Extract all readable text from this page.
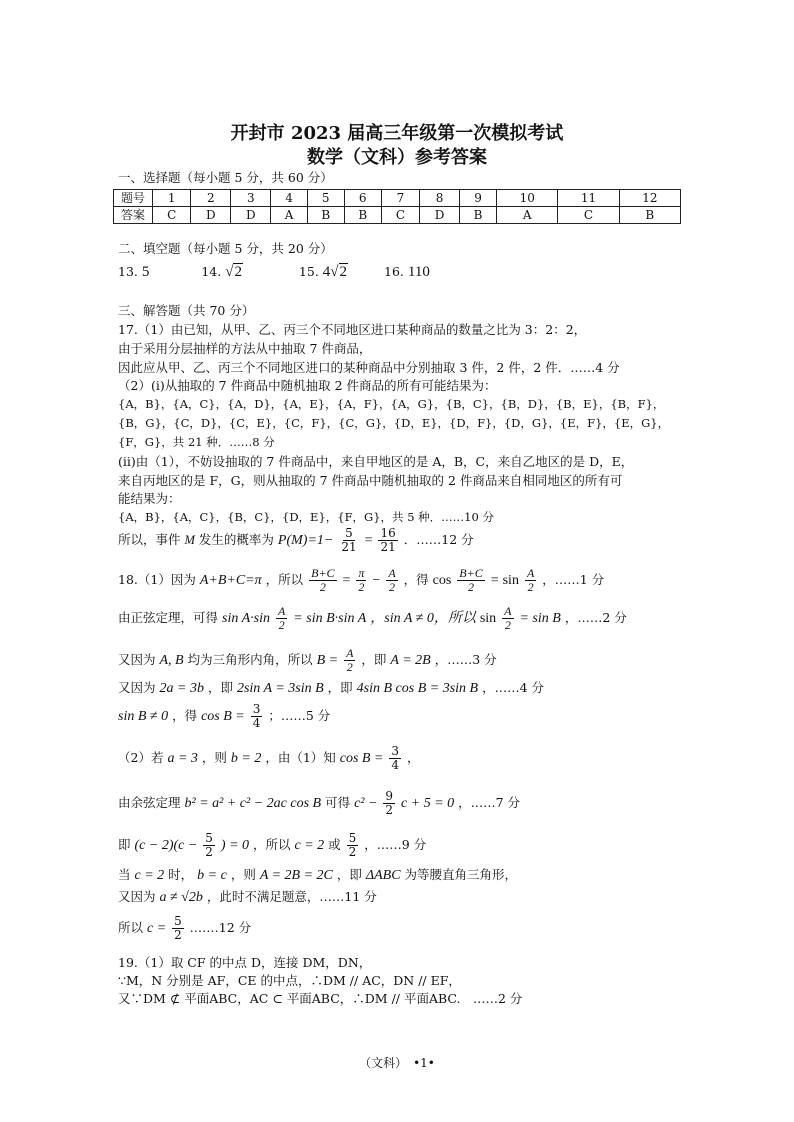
开封市 2023 届高三年级第一次模拟考试
数学（文科）参考答案
一、选择题（每小题 5 分，共 60 分）
题号	1	2	3	4	5	6	7	8	9	10	11	12
答案	C	D	D	A	B	B	C	D	B	A	C	B
二、填空题（每小题 5 分，共 20 分）
13. 5	14. √2	15. 4√2	16. 110
三、解答题（共 70 分）
17.（1）由已知，从甲、乙、丙三个不同地区进口某种商品的数量之比为 3：2：2，
由于采用分层抽样的方法从中抽取 7 件商品，
因此应从甲、乙、丙三个不同地区进口的某种商品中分别抽取 3 件，2 件，2 件．……4 分
（2）(ⅰ)从抽取的 7 件商品中随机抽取 2 件商品的所有可能结果为：
{A，B}，{A，C}，{A，D}，{A，E}，{A，F}，{A，G}，{B，C}，{B，D}，{B，E}，{B，F}，
{B，G}，{C，D}，{C，E}，{C，F}，{C，G}，{D，E}，{D，F}，{D，G}，{E，F}，{E，G}，
{F，G}，共 21 种．……8 分
(ⅱ)由（1），不妨设抽取的 7 件商品中，来自甲地区的是 A，B，C，来自乙地区的是 D，E，
来自丙地区的是 F，G，则从抽取的 7 件商品中随机抽取的 2 件商品来自相同地区的所有可
能结果为：
{A，B}，{A，C}，{B，C}，{D，E}，{F，G}，共 5 种．……10 分
所以，事件 M 发生的概率为 $P(M)=1- \frac{5}{21} = \frac{16}{21}$ ．……12 分
18.（1）因为 A+B+C=π ，所以 $\frac{B+C}{2} = \frac{\pi}{2} - \frac{A}{2}$ ，得 $\cos \frac{B+C}{2} = \sin \frac{A}{2}$ ，……1 分
由正弦定理，可得 $\sin A\cdot\sin \frac{A}{2} = \sin B\cdot\sin$ A ，sin A ≠ 0，所以 $\sin \frac{A}{2} = \sin B$ ，……2 分
又因为 A, B 均为三角形内角，所以 $B = \frac{A}{2}$ ，即 A = 2B ，……3 分
又因为 2a = 3b ，即 2sin A = 3sin B ，即 4sin B cos B = 3sin B ，……4 分
sin B ≠ 0 ，得 $\cos B = \frac{3}{4}$ ；……5 分
（2）若 a = 3 ，则 b = 2 ，由（1）知 $\cos B = \frac{3}{4}$ ，
由余弦定理 b² = a² + c² − 2ac cos B 可得 $c^2 - \frac{9}{2}$ c + 5 = 0 ，……7 分
即 $(c - 2)(c - \frac{5}{2}$ ) = 0 ，所以 c = 2 或 $\frac{5}{2}$ ，……9 分
当 c = 2 时， b = c ，则 A = 2B = 2C ，即 ΔABC 为等腰直角三角形，
又因为 a ≠ √2b ，此时不满足题意，……11 分
所以 $c = \frac{5}{2}$ .……12 分
19.（1）取 CF 的中点 D，连接 DM，DN，
∵M，N 分别是 AF，CE 的中点，∴DM // AC，DN // EF，
又∵DM ⊄ 平面ABC，AC ⊂ 平面ABC，∴DM // 平面ABC.　……2 分
（文科）　•1•
